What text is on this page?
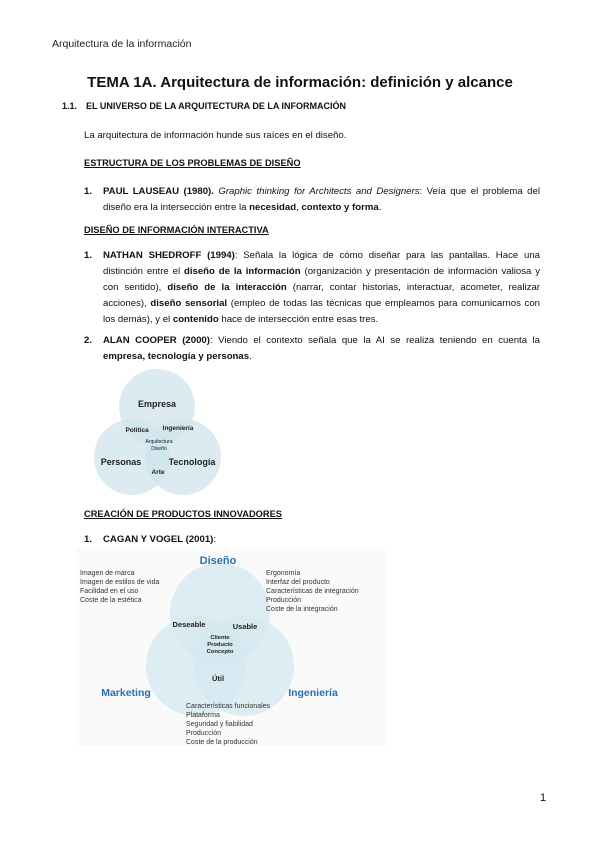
Arquitectura de la información
TEMA 1A. Arquitectura de información: definición y alcance
1.1. EL UNIVERSO DE LA ARQUITECTURA DE LA INFORMACIÓN
La arquitectura de información hunde sus raíces en el diseño.
ESTRUCTURA DE LOS PROBLEMAS DE DISEÑO
1. PAUL LAUSEAU (1980). Graphic thinking for Architects and Designers: Veía que el problema del diseño era la intersección entre la necesidad, contexto y forma.
DISEÑO DE INFORMACIÓN INTERACTIVA
1. NATHAN SHEDROFF (1994): Señala la lógica de cómo diseñar para las pantallas. Hace una distinción entre el diseño de la información (organización y presentación de información valiosa y con sentido), diseño de la interacción (narrar, contar historias, interactuar, acometer, realizar acciones), diseño sensorial (empleo de todas las técnicas que empleamos para comunicarnos con los demás), y el contenido hace de intersección entre esas tres.
2. ALAN COOPER (2000): Viendo el contexto señala que la AI se realiza teniendo en cuenta la empresa, tecnología y personas.
Empresa
Personas	Tecnología
Política Ingeniería
Arte
Arquitectura
Diseño
CREACIÓN DE PRODUCTOS INNOVADORES
1. CAGAN Y VOGEL (2001):
Diseño
Marketing	Ingeniería
Deseable	Usable
Útil
Cliente
Producto
Concepto
Imagen de marca
Imagen de estilos de vida
Facilidad en el uso
Coste de la estética
Ergonomía
Interfaz del producto
Características de integración
Producción
Coste de la integración
Características funcionales
Plataforma
Seguridad y fiabilidad
Producción
Coste de la producción
1
